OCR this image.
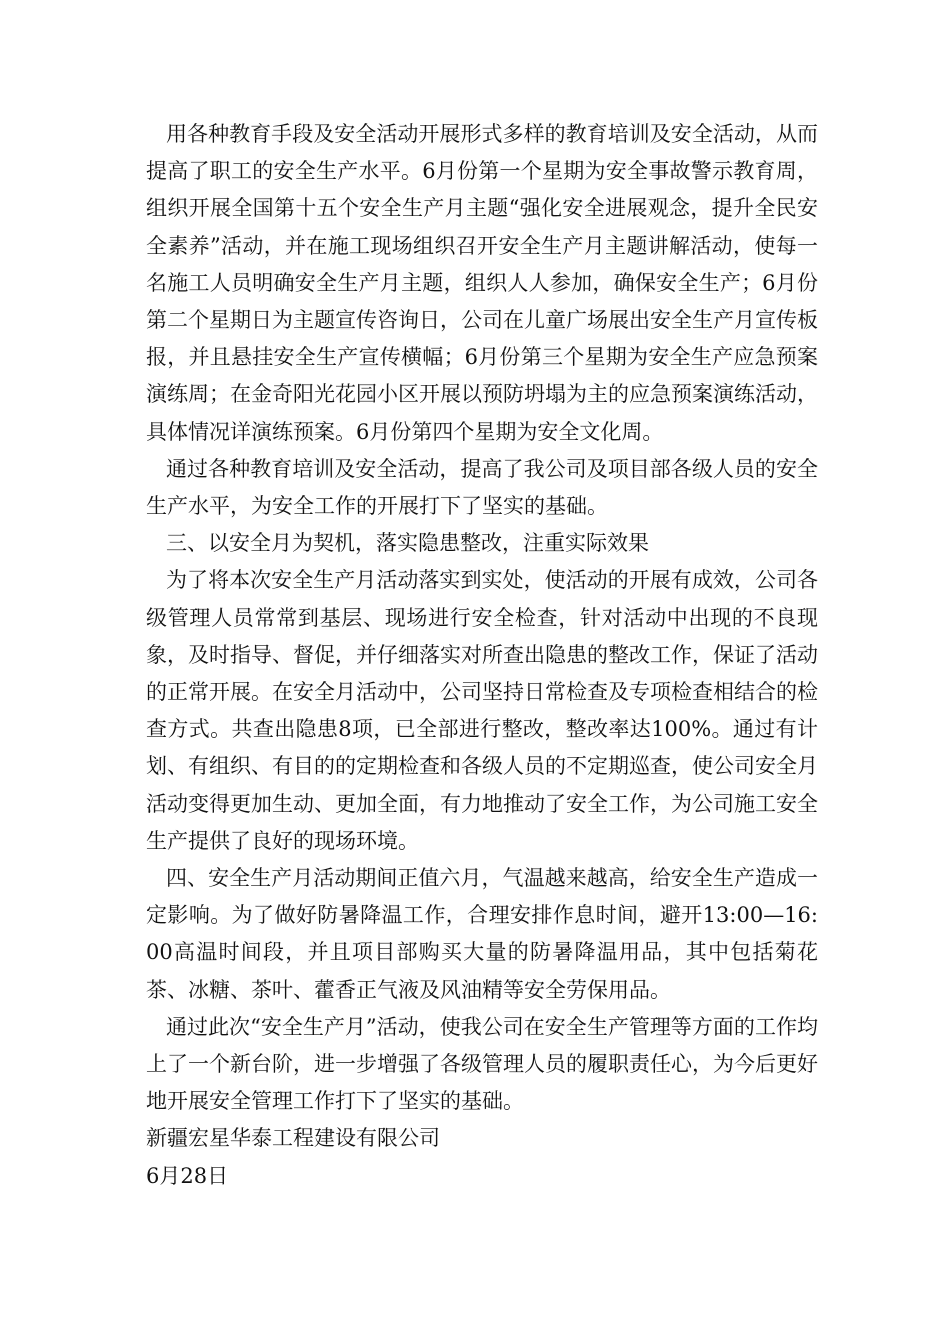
用各种教育手段及安全活动开展形式多样的教育培训及安全活动，从而提高了职工的安全生产水平。6月份第一个星期为安全事故警示教育周，组织开展全国第十五个安全生产月主题“强化安全进展观念，提升全民安全素养”活动，并在施工现场组织召开安全生产月主题讲解活动，使每一名施工人员明确安全生产月主题，组织人人参加，确保安全生产；6月份第二个星期日为主题宣传咨询日，公司在儿童广场展出安全生产月宣传板报，并且悬挂安全生产宣传横幅；6月份第三个星期为安全生产应急预案演练周；在金奇阳光花园小区开展以预防坍塌为主的应急预案演练活动，具体情况详演练预案。6月份第四个星期为安全文化周。

通过各种教育培训及安全活动，提高了我公司及项目部各级人员的安全生产水平，为安全工作的开展打下了坚实的基础。

三、以安全月为契机，落实隐患整改，注重实际效果

为了将本次安全生产月活动落实到实处，使活动的开展有成效，公司各级管理人员常常到基层、现场进行安全检查，针对活动中出现的不良现象，及时指导、督促，并仔细落实对所查出隐患的整改工作，保证了活动的正常开展。在安全月活动中，公司坚持日常检查及专项检查相结合的检查方式。共查出隐患8项，已全部进行整改，整改率达100%。通过有计划、有组织、有目的的定期检查和各级人员的不定期巡查，使公司安全月活动变得更加生动、更加全面，有力地推动了安全工作，为公司施工安全生产提供了良好的现场环境。

四、安全生产月活动期间正值六月，气温越来越高，给安全生产造成一定影响。为了做好防暑降温工作，合理安排作息时间，避开13:00—16:00高温时间段，并且项目部购买大量的防暑降温用品，其中包括菊花茶、冰糖、茶叶、藿香正气液及风油精等安全劳保用品。

通过此次“安全生产月”活动，使我公司在安全生产管理等方面的工作均上了一个新台阶，进一步增强了各级管理人员的履职责任心，为今后更好地开展安全管理工作打下了坚实的基础。

新疆宏星华泰工程建设有限公司

6月28日
